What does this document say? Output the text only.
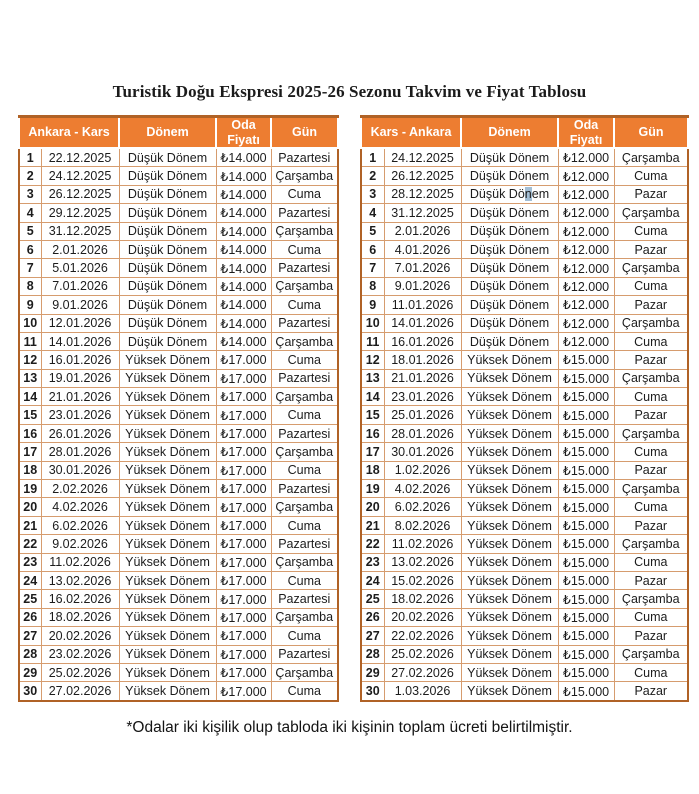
Turistik Doğu Ekspresi 2025-26 Sezonu Takvim ve Fiyat Tablosu
Ankara - Kars		Dönem	Oda Fiyatı	Gün
1	22.12.2025	Düşük Dönem	₺14.000	Pazartesi
2	24.12.2025	Düşük Dönem	₺14.000	Çarşamba
3	26.12.2025	Düşük Dönem	₺14.000	Cuma
4	29.12.2025	Düşük Dönem	₺14.000	Pazartesi
5	31.12.2025	Düşük Dönem	₺14.000	Çarşamba
6	2.01.2026	Düşük Dönem	₺14.000	Cuma
7	5.01.2026	Düşük Dönem	₺14.000	Pazartesi
8	7.01.2026	Düşük Dönem	₺14.000	Çarşamba
9	9.01.2026	Düşük Dönem	₺14.000	Cuma
10	12.01.2026	Düşük Dönem	₺14.000	Pazartesi
11	14.01.2026	Düşük Dönem	₺14.000	Çarşamba
12	16.01.2026	Yüksek Dönem	₺17.000	Cuma
13	19.01.2026	Yüksek Dönem	₺17.000	Pazartesi
14	21.01.2026	Yüksek Dönem	₺17.000	Çarşamba
15	23.01.2026	Yüksek Dönem	₺17.000	Cuma
16	26.01.2026	Yüksek Dönem	₺17.000	Pazartesi
17	28.01.2026	Yüksek Dönem	₺17.000	Çarşamba
18	30.01.2026	Yüksek Dönem	₺17.000	Cuma
19	2.02.2026	Yüksek Dönem	₺17.000	Pazartesi
20	4.02.2026	Yüksek Dönem	₺17.000	Çarşamba
21	6.02.2026	Yüksek Dönem	₺17.000	Cuma
22	9.02.2026	Yüksek Dönem	₺17.000	Pazartesi
23	11.02.2026	Yüksek Dönem	₺17.000	Çarşamba
24	13.02.2026	Yüksek Dönem	₺17.000	Cuma
25	16.02.2026	Yüksek Dönem	₺17.000	Pazartesi
26	18.02.2026	Yüksek Dönem	₺17.000	Çarşamba
27	20.02.2026	Yüksek Dönem	₺17.000	Cuma
28	23.02.2026	Yüksek Dönem	₺17.000	Pazartesi
29	25.02.2026	Yüksek Dönem	₺17.000	Çarşamba
30	27.02.2026	Yüksek Dönem	₺17.000	Cuma
Kars - Ankara		Dönem	Oda Fiyatı	Gün
1	24.12.2025	Düşük Dönem	₺12.000	Çarşamba
2	26.12.2025	Düşük Dönem	₺12.000	Cuma
3	28.12.2025	Düşük Dönem	₺12.000	Pazar
4	31.12.2025	Düşük Dönem	₺12.000	Çarşamba
5	2.01.2026	Düşük Dönem	₺12.000	Cuma
6	4.01.2026	Düşük Dönem	₺12.000	Pazar
7	7.01.2026	Düşük Dönem	₺12.000	Çarşamba
8	9.01.2026	Düşük Dönem	₺12.000	Cuma
9	11.01.2026	Düşük Dönem	₺12.000	Pazar
10	14.01.2026	Düşük Dönem	₺12.000	Çarşamba
11	16.01.2026	Düşük Dönem	₺12.000	Cuma
12	18.01.2026	Yüksek Dönem	₺15.000	Pazar
13	21.01.2026	Yüksek Dönem	₺15.000	Çarşamba
14	23.01.2026	Yüksek Dönem	₺15.000	Cuma
15	25.01.2026	Yüksek Dönem	₺15.000	Pazar
16	28.01.2026	Yüksek Dönem	₺15.000	Çarşamba
17	30.01.2026	Yüksek Dönem	₺15.000	Cuma
18	1.02.2026	Yüksek Dönem	₺15.000	Pazar
19	4.02.2026	Yüksek Dönem	₺15.000	Çarşamba
20	6.02.2026	Yüksek Dönem	₺15.000	Cuma
21	8.02.2026	Yüksek Dönem	₺15.000	Pazar
22	11.02.2026	Yüksek Dönem	₺15.000	Çarşamba
23	13.02.2026	Yüksek Dönem	₺15.000	Cuma
24	15.02.2026	Yüksek Dönem	₺15.000	Pazar
25	18.02.2026	Yüksek Dönem	₺15.000	Çarşamba
26	20.02.2026	Yüksek Dönem	₺15.000	Cuma
27	22.02.2026	Yüksek Dönem	₺15.000	Pazar
28	25.02.2026	Yüksek Dönem	₺15.000	Çarşamba
29	27.02.2026	Yüksek Dönem	₺15.000	Cuma
30	1.03.2026	Yüksek Dönem	₺15.000	Pazar
*Odalar iki kişilik olup tabloda iki kişinin toplam ücreti belirtilmiştir.
